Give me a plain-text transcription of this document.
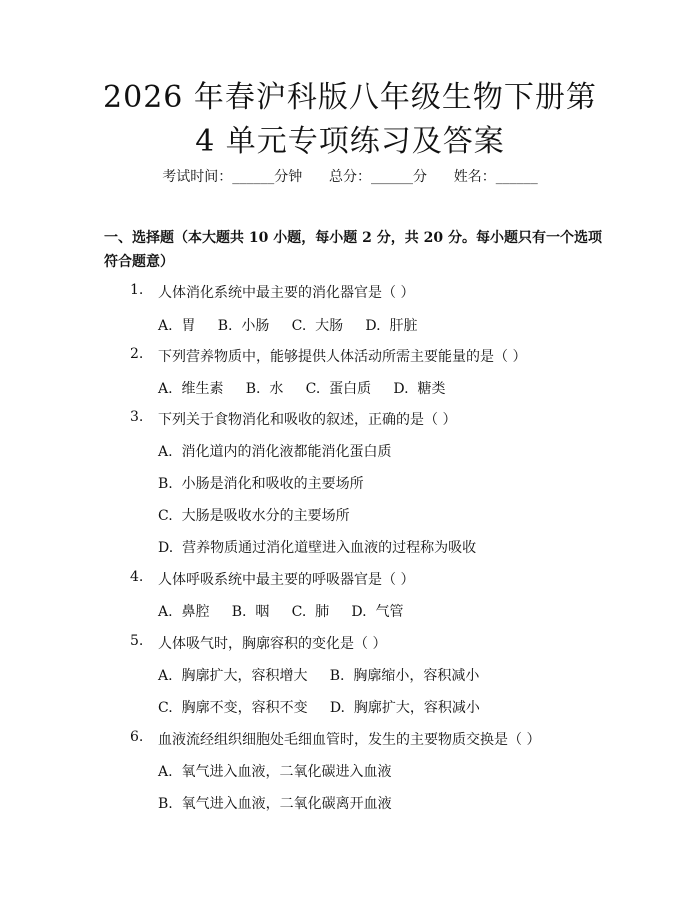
2026 年春沪科版八年级生物下册第 4 单元专项练习及答案
考试时间：______分钟      总分：______分      姓名：______
一、选择题（本大题共 10 小题，每小题 2 分，共 20 分。每小题只有一个选项符合题意）
1. 人体消化系统中最主要的消化器官是（ ）
A.  胃     B.  小肠     C.  大肠     D.  肝脏
2. 下列营养物质中，能够提供人体活动所需主要能量的是（ ）
A.  维生素     B.  水     C.  蛋白质     D.  糖类
3. 下列关于食物消化和吸收的叙述，正确的是（ ）
A.  消化道内的消化液都能消化蛋白质
B.  小肠是消化和吸收的主要场所
C.  大肠是吸收水分的主要场所
D.  营养物质通过消化道壁进入血液的过程称为吸收
4. 人体呼吸系统中最主要的呼吸器官是（ ）
A.  鼻腔     B.  咽     C.  肺     D.  气管
5. 人体吸气时，胸廓容积的变化是（ ）
A.  胸廓扩大，容积增大     B.  胸廓缩小，容积减小
C.  胸廓不变，容积不变     D.  胸廓扩大，容积减小
6. 血液流经组织细胞处毛细血管时，发生的主要物质交换是（ ）
A.  氧气进入血液，二氧化碳进入血液
B.  氧气进入血液，二氧化碳离开血液
